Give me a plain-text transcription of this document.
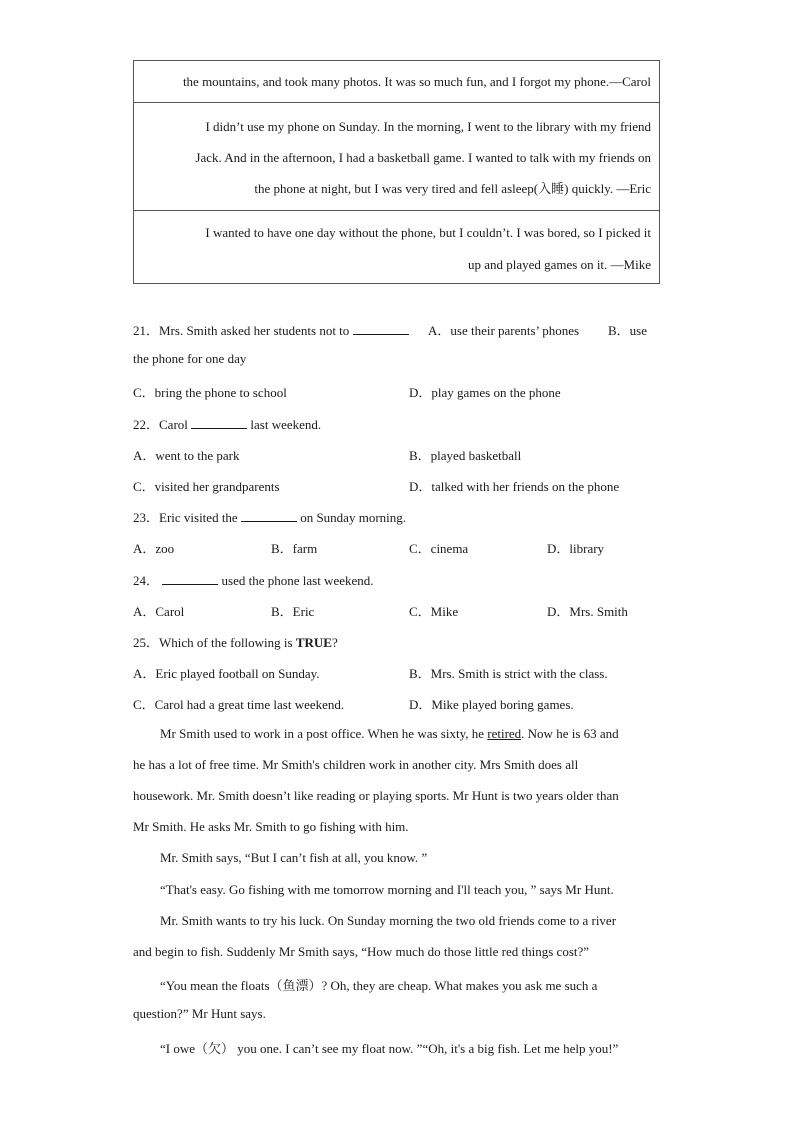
the mountains, and took many photos. It was so much fun, and I forgot my phone.—Carol
I didn’t use my phone on Sunday. In the morning, I went to the library with my friend
Jack. And in the afternoon, I had a basketball game. I wanted to talk with my friends on
the phone at night, but I was very tired and fell asleep(入睡) quickly. —Eric
I wanted to have one day without the phone, but I couldn’t. I was bored, so I picked it
up and played games on it. —Mike
21．Mrs. Smith asked her students not to	A．use their parents’ phones B．use
the phone for one day
C．bring the phone to school	D．play games on the phone
22．Carol	last weekend.
A．went to the park	B．played basketball
C．visited her grandparents	D．talked with her friends on the phone
23．Eric visited the	on Sunday morning.
A．zoo	B．farm	C．cinema	D．library
24．	used the phone last weekend.
A．Carol	B．Eric	C．Mike	D．Mrs. Smith
25．Which of the following is TRUE?
A．Eric played football on Sunday.	B．Mrs. Smith is strict with the class.
C．Carol had a great time last weekend.	D．Mike played boring games.
Mr Smith used to work in a post office. When he was sixty, he retired. Now he is 63 and
he has a lot of free time. Mr Smith's children work in another city. Mrs Smith does all
housework. Mr. Smith doesn’t like reading or playing sports. Mr Hunt is two years older than
Mr Smith. He asks Mr. Smith to go fishing with him.
Mr. Smith says, “But I can’t fish at all, you know. ”
“That's easy. Go fishing with me tomorrow morning and I'll teach you, ” says Mr Hunt.
Mr. Smith wants to try his luck. On Sunday morning the two old friends come to a river
and begin to fish. Suddenly Mr Smith says, “How much do those little red things cost?”
“You mean the floats（鱼漂）? Oh, they are cheap. What makes you ask me such a
question?” Mr Hunt says.
“I owe（欠） you one. I can’t see my float now. ”“Oh, it's a big fish. Let me help you!”
